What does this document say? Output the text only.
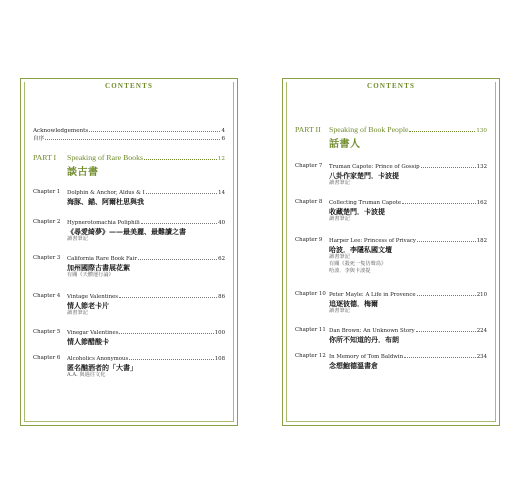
CONTENTS
Acknowledgements	4
自序	6
PART I	Speaking of Rare Books	12
談古書
Chapter 1	Dolphin & Anchor, Aldus & I	14
海豚、錨、阿爾杜思與我
Chapter 2	Hypnerotomachia Poliphili	40
《尋愛綺夢》——最美麗、最難讀之書
讀書筆記
Chapter 3	California Rare Book Fair	62
加州國際古書展花絮
有關《天體運行論》
Chapter 4	Vintage Valentines	86
情人節老卡片
讀書筆記
Chapter 5	Vinegar Valentines	100
情人節醋酸卡
Chapter 6	Alcoholics Anonymous	108
匿名酗酒者的「大書」
A.A. 與過往文化
CONTENTS
PART II	Speaking of Book People	130
話書人
Chapter 7	Truman Capote: Prince of Gossip	132
八卦作家楚門．卡波提
讀書筆記
Chapter 8	Collecting Truman Capote	162
收藏楚門．卡波提
讀書筆記
Chapter 9	Harper Lee: Princess of Privacy	182
哈波．李隱私國文壇
讀書筆記
有關《殺死一隻仿聲鳥》
哈波．李與卡波提
Chapter 10 Peter Mayle: A Life in Provence	210
追逐彼德．梅爾
讀書筆記
Chapter 11 Dan Brown: An Unknown Story	224
你所不知道的丹．布朗
Chapter 12 In Memory of Tom Baldwin	234
念想鮑德溫書倉
